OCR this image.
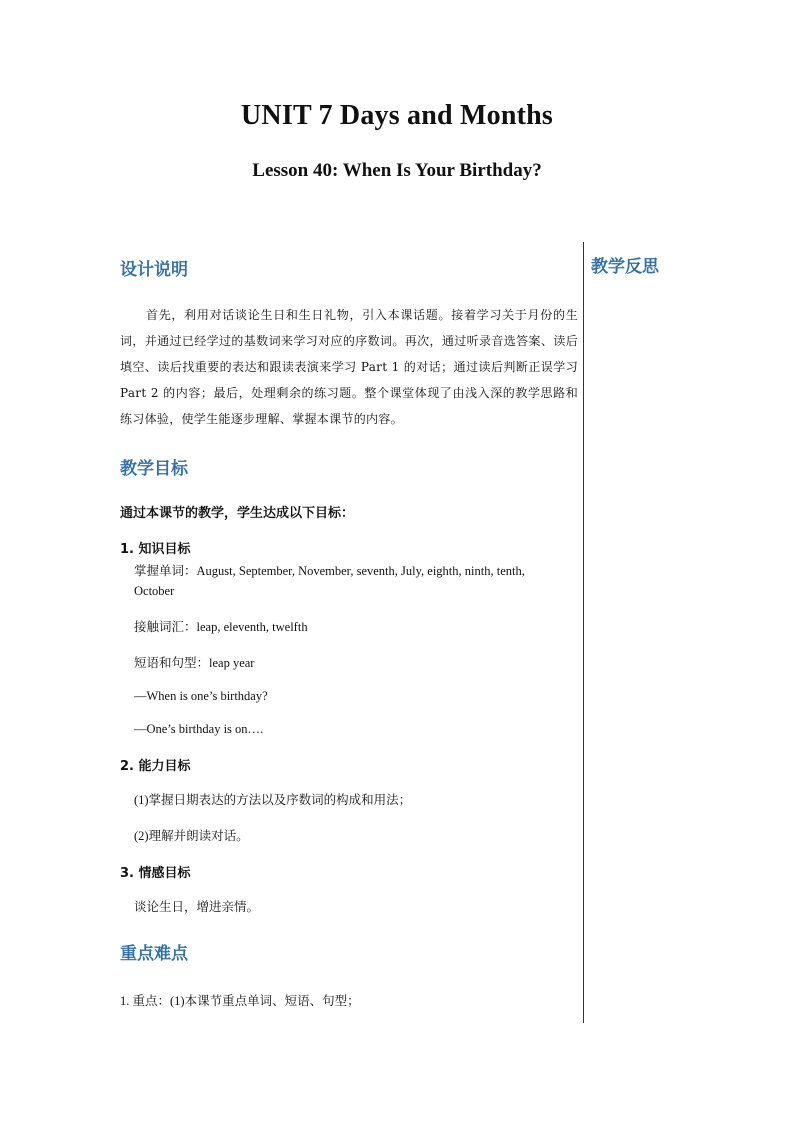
UNIT 7 Days and Months
Lesson 40: When Is Your Birthday?
教学反思

设计说明

首先，利用对话谈论生日和生日礼物，引入本课话题。接着学习关于月份的生词，并通过已经学过的基数词来学习对应的序数词。再次，通过听录音选答案、读后填空、读后找重要的表达和跟读表演来学习 Part 1 的对话；通过读后判断正误学习 Part 2 的内容；最后，处理剩余的练习题。整个课堂体现了由浅入深的教学思路和练习体验，使学生能逐步理解、掌握本课节的内容。

教学目标

通过本课节的教学，学生达成以下目标：

1. 知识目标

掌握单词：August, September, November, seventh, July, eighth, ninth, tenth,

October

接触词汇：leap, eleventh, twelfth

短语和句型：leap year

—When is one’s birthday?

—One’s birthday is on….

2. 能力目标

(1)掌握日期表达的方法以及序数词的构成和用法；

(2)理解并朗读对话。

3. 情感目标

谈论生日，增进亲情。

重点难点

1. 重点：(1)本课节重点单词、短语、句型；
